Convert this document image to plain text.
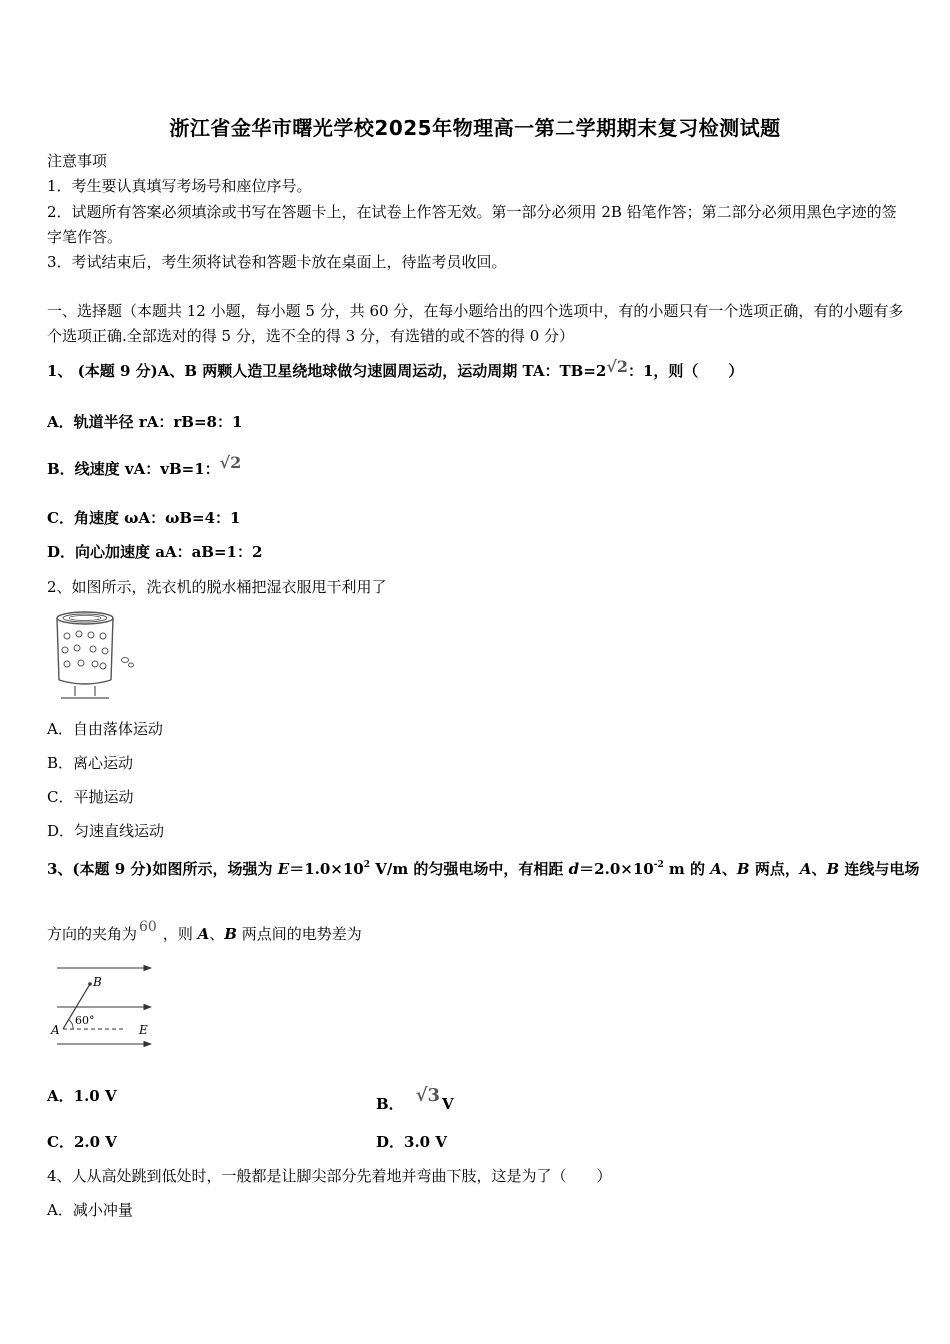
浙江省金华市曙光学校2025年物理高一第二学期期末复习检测试题
注意事项
1．考生要认真填写考场号和座位序号。
2．试题所有答案必须填涂或书写在答题卡上，在试卷上作答无效。第一部分必须用 2B 铅笔作答；第二部分必须用黑色字迹的签字笔作答。
3．考试结束后，考生须将试卷和答题卡放在桌面上，待监考员收回。
一、选择题（本题共 12 小题，每小题 5 分，共 60 分，在每小题给出的四个选项中，有的小题只有一个选项正确，有的小题有多个选项正确.全部选对的得 5 分，选不全的得 3 分，有选错的或不答的得 0 分）
1、 (本题 9 分)A、B 两颗人造卫星绕地球做匀速圆周运动，运动周期 TA：TB=2√2：1，则（　　）
A．轨道半径 rA：rB=8：1
B．线速度 vA：vB=1：√2
C．角速度 ωA：ωB=4：1
D．向心加速度 aA：aB=1：2
2、如图所示，洗衣机的脱水桶把湿衣服甩干利用了
A．自由落体运动
B．离心运动
C．平抛运动
D．匀速直线运动
3、(本题 9 分)如图所示，场强为 $E=1.0\times 10^2$ V/m 的匀强电场中，有相距 $d=2.0\times 10^{-2}$ m 的 A、B 两点，A、B 连线与电场
方向的夹角为 60 ，则 A、B 两点间的电势差为
B
A
60°
E
A．1.0 V	B． √3 V
C．2.0 V	D．3.0 V
4、人从高处跳到低处时，一般都是让脚尖部分先着地并弯曲下肢，这是为了（　　）
A．减小冲量
